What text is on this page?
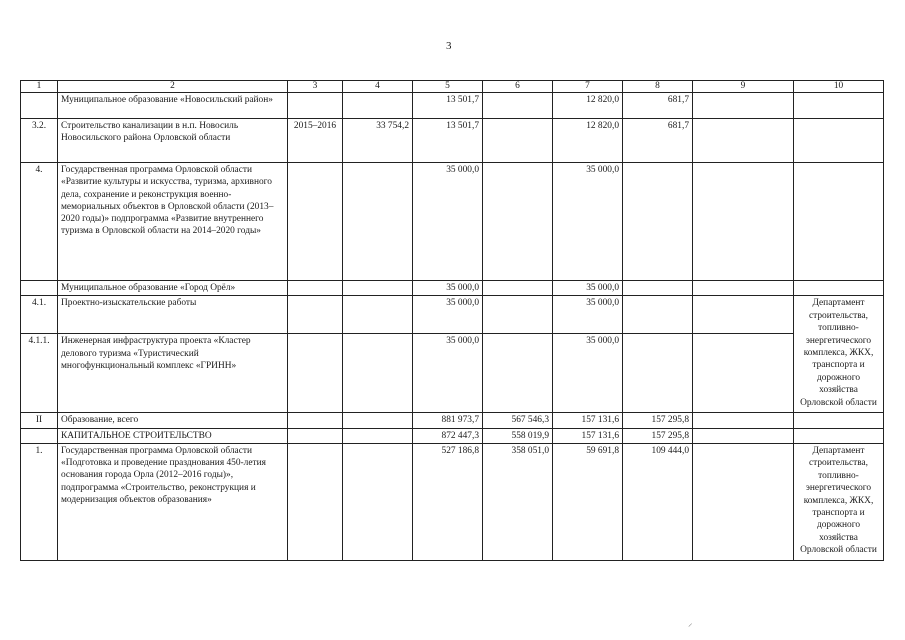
3
1	2	3	4	5	6	7	8	9	10
	Муниципальное образование «Новосильский район»			13 501,7		12 820,0	681,7		
3.2.	Строительство канализации в н.п. Новосиль Новосильского района Орловской области	2015–2016	33 754,2	13 501,7		12 820,0	681,7		
4.	Государственная программа Орловской области «Развитие культуры и искусства, туризма, архивного дела, сохранение и реконструкция военно-мемориальных объектов в Орловской области (2013–2020 годы)» подпрограмма «Развитие внутреннего туризма в Орловской области на 2014–2020 годы»			35 000,0		35 000,0			
	Муниципальное образование «Город Орёл»			35 000,0		35 000,0			
4.1.	Проектно-изыскательские работы			35 000,0		35 000,0			Департамент строительства, топливно-энергетического комплекса, ЖКХ, транспорта и дорожного хозяйства Орловской области
4.1.1.	Инженерная инфраструктура проекта «Кластер делового туризма «Туристический многофункциональный комплекс «ГРИНН»			35 000,0		35 000,0			
II	Образование, всего			881 973,7	567 546,3	157 131,6	157 295,8		
	КАПИТАЛЬНОЕ СТРОИТЕЛЬСТВО			872 447,3	558 019,9	157 131,6	157 295,8		
1.	Государственная программа Орловской области «Подготовка и проведение празднования 450-летия основания города Орла (2012–2016 годы)», подпрограмма «Строительство, реконструкция и модернизация объектов образования»			527 186,8	358 051,0	59 691,8	109 444,0		Департамент строительства, топливно-энергетического комплекса, ЖКХ, транспорта и дорожного хозяйства Орловской области
⸝
